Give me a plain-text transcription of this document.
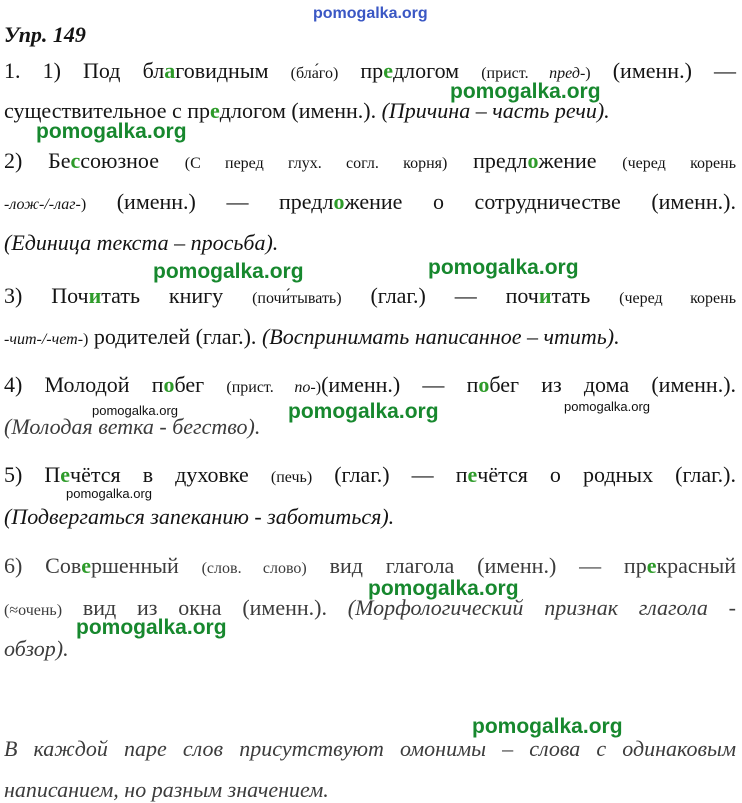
pomogalka.org
pomogalka.org
pomogalka.org
pomogalka.org
pomogalka.org
pomogalka.org	pomogalka.org
pomogalka.org
pomogalka.org
pomogalka.org
pomogalka.org
pomogalka.org
Упр. 149
1. 1) Под благовидным (бла́го) предлогом (прист. пред-) (именн.) —
существительное с предлогом (именн.). (Причина – часть речи).
2) Бессоюзное (С перед глух. согл. корня) предложение (черед корень
-лож-/-лаг-) (именн.) — предложение о сотрудничестве (именн.).
(Единица текста – просьба).
3) Почитать книгу (почи́тывать) (глаг.) — почитать (черед корень
-чит-/-чет-) родителей (глаг.). (Воспринимать написанное – чтить).
4) Молодой побег (прист. по-)(именн.) — побег из дома (именн.).
(Молодая ветка - бегство).
5) Печётся в духовке (печь) (глаг.) — печётся о родных (глаг.).
(Подвергаться запеканию - заботиться).
6) Совершенный (слов. слово) вид глагола (именн.) — прекрасный
(≈очень) вид из окна (именн.). (Морфологический признак глагола -
обзор).
В каждой паре слов присутствуют омонимы – слова с одинаковым
написанием, но разным значением.
